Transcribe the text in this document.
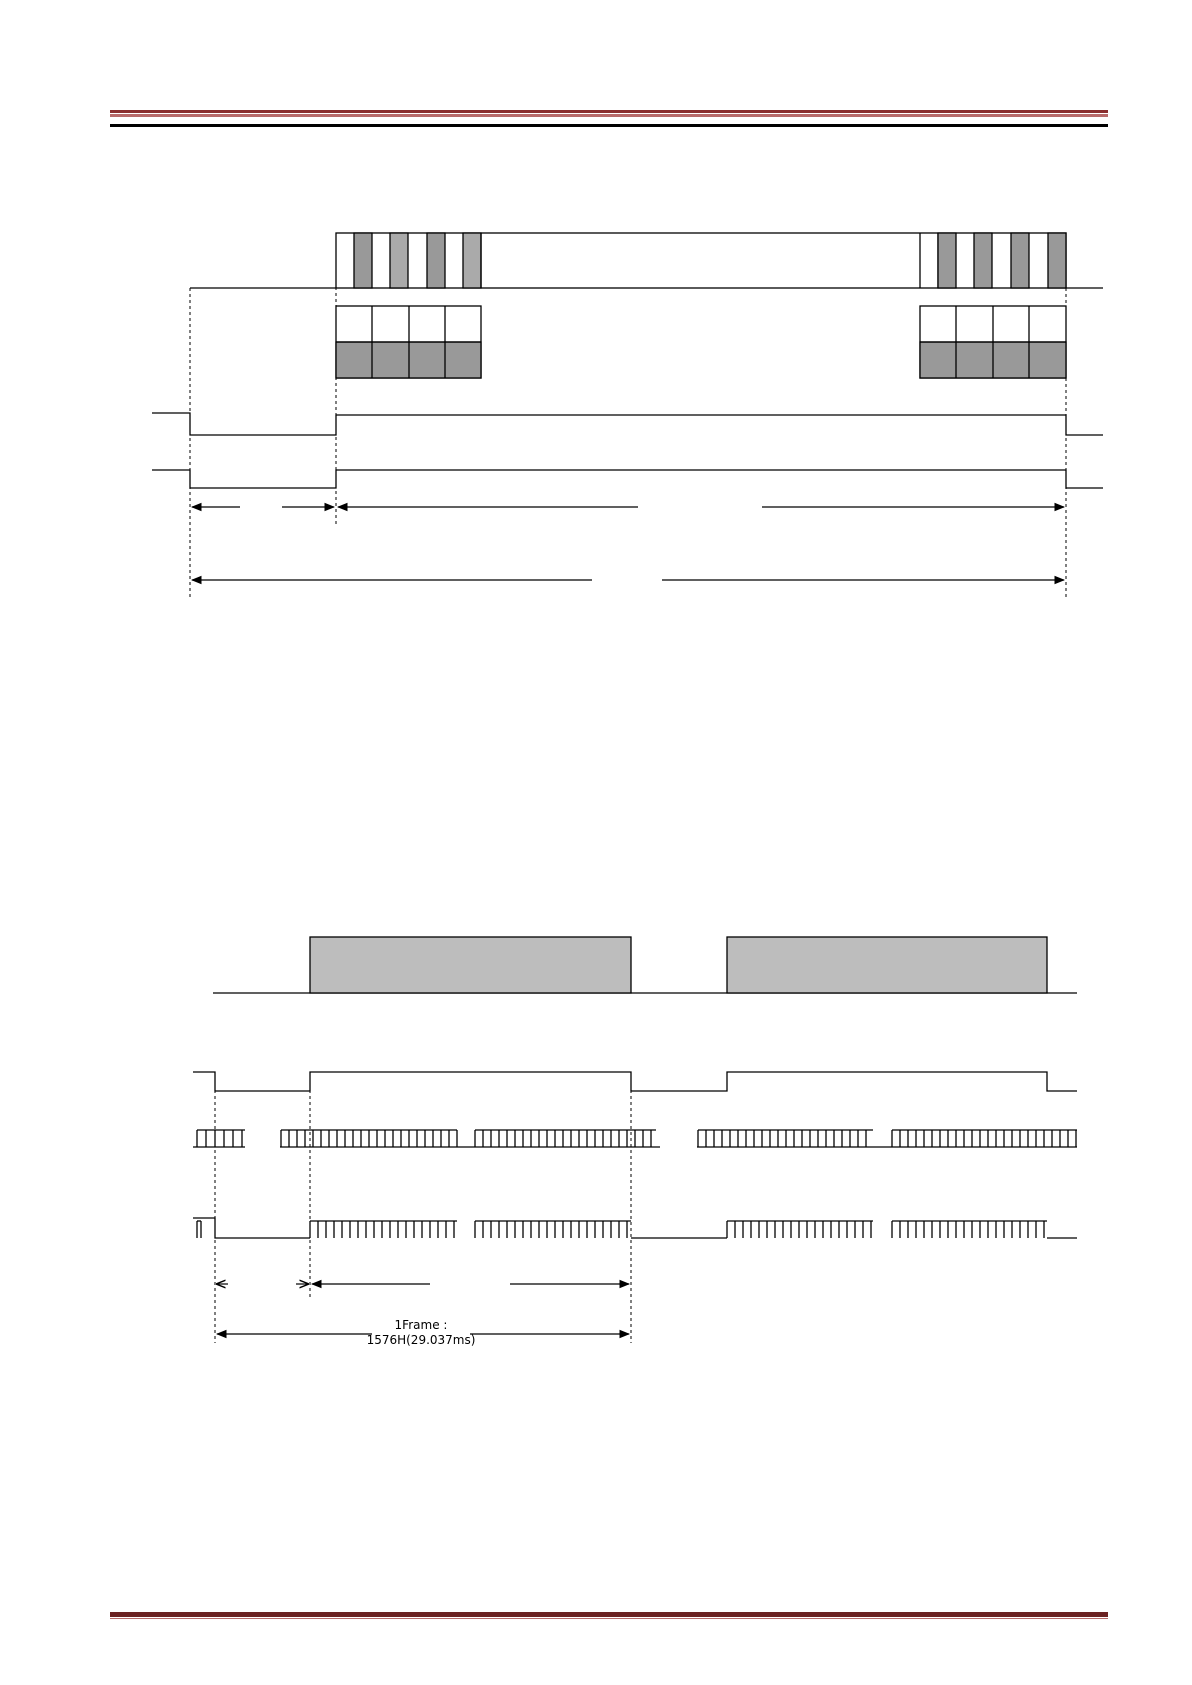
1Frame :
1576H(29.037ms)
